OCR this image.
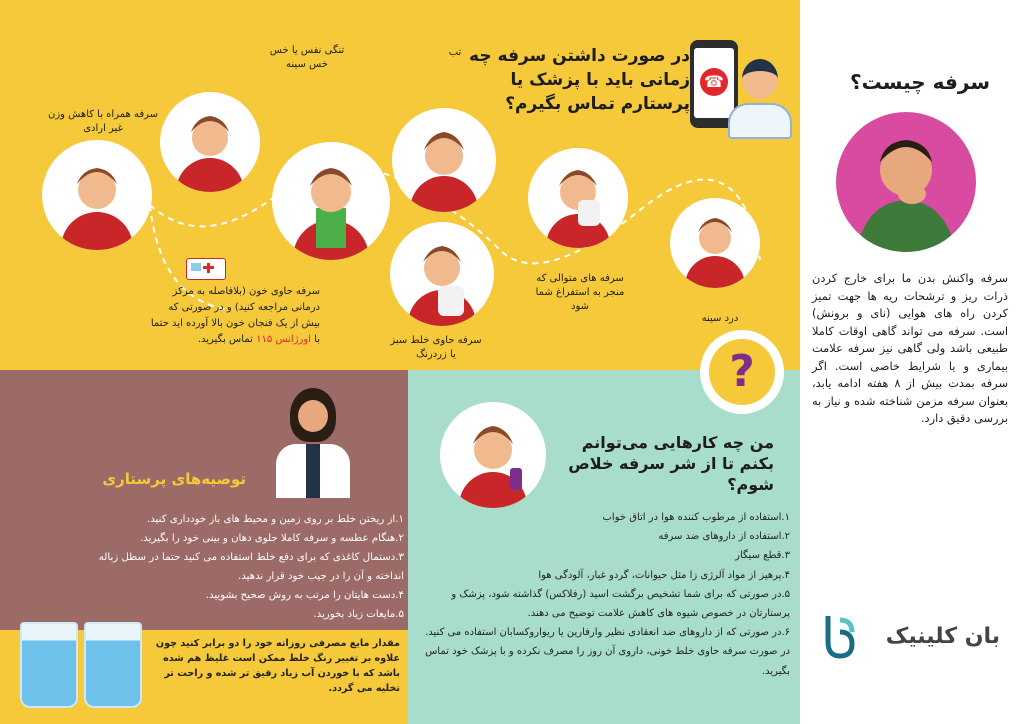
☎
در صورت داشتن سرفه چه زمانی باید با پزشک یا پرستارم تماس بگیرم؟
سرفه همراه با کاهش وزن غیر ارادی
تنگی نفس یا خس خس سینه
تب
سرفه حاوی خلط سبز یا زردرنگ
سرفه های متوالی که منجر به استفراغ شما شود
درد سینه
سرفه حاوی خون (بلافاصله به مرکز درمانی مراجعه کنید) و در صورتی که بیش از یک فنجان خون بالا آورده اید حتما با اورژانس ۱۱۵ تماس بگیرید.
سرفه چیست؟
سرفه واکنش بدن ما برای خارج کردن ذرات ریز و ترشحات ریه ها جهت تمیز کردن راه های هوایی (نای و برونش) است. سرفه می تواند گاهی اوقات کاملا طبیعی باشد ولی گاهی نیز سرفه علامت بیماری و یا شرایط خاصی است. اگر سرفه بمدت بیش از ۸ هفته ادامه یابد، بعنوان سرفه مزمن شناخته شده و نیاز به بررسی دقیق دارد.
بان کلینیک
توصیه‌های پرستاری
۱.از ریختن خلط بر روی زمین و محیط های باز خودداری کنید.
۲.هنگام عطسه و سرفه کاملا جلوی دهان و بینی خود را بگیرید.
۳.دستمال کاغذی که برای دفع خلط استفاده می کنید حتما در سطل زباله
انداخته و آن را در جیب خود قرار ندهید.
۴.دست هایتان را مرتب به روش صحیح بشویید.
۵.مایعات زیاد بخورید.
مقدار مایع مصرفی روزانه خود را دو برابر کنید چون علاوه بر تغییر رنگ خلط ممکن است غلیظ هم شده باشد که با خوردن آب زیاد رقیق تر شده و راحت تر تخلیه می گردد.
?
من چه کارهایی می‌توانم بکنم تا از شر سرفه خلاص شوم؟
۱.استفاده از مرطوب کننده هوا در اتاق خواب
۲.استفاده از داروهای ضد سرفه
۳.قطع سیگار
۴.پرهیز از مواد آلرژی زا مثل حیوانات، گردو غبار، آلودگی هوا
۵.در صورتی که برای شما تشخیص برگشت اسید (رفلاکس) گذاشته شود، پزشک و پرستارتان در خصوص شیوه های کاهش علامت توضیح می دهند.
۶.در صورتی که از داروهای ضد انعقادی نظیر وارفارین یا ریواروکسابان استفاده می کنید. در صورت سرفه حاوی خلط خونی، داروی آن روز را مصرف نکرده و با پزشک خود تماس بگیرید.
